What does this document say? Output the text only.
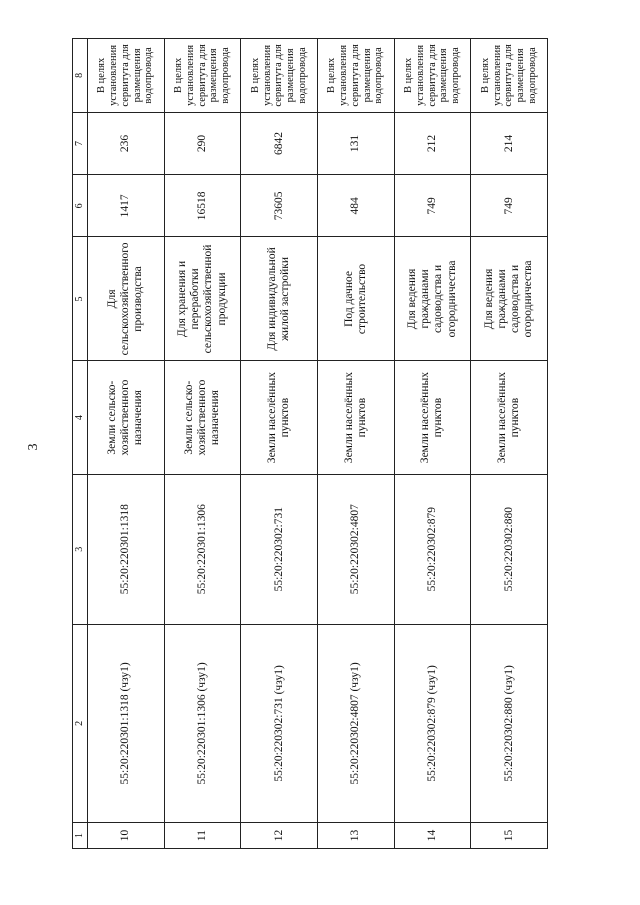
3
1	2	3	4	5	6	7	8
10	55:20:220301:1318 (чзу1)	55:20:220301:1318	Земли сельско-хозяйственного назначения	Для сельскохозяйственного производства	1417	236	В целях установления сервитута для размещения водопровода
11	55:20:220301:1306 (чзу1)	55:20:220301:1306	Земли сельско-хозяйственного назначения	Для хранения и переработки сельскохозяйственной продукции	16518	290	В целях установления сервитута для размещения водопровода
12	55:20:220302:731 (чзу1)	55:20:220302:731	Земли населённых пунктов	Для индивидуальной жилой застройки	73605	6842	В целях установления сервитута для размещения водопровода
13	55:20:220302:4807 (чзу1)	55:20:220302:4807	Земли населённых пунктов	Под дачное строительство	484	131	В целях установления сервитута для размещения водопровода
14	55:20:220302:879 (чзу1)	55:20:220302:879	Земли населённых пунктов	Для ведения гражданами садоводства и огородничества	749	212	В целях установления сервитута для размещения водопровода
15	55:20:220302:880 (чзу1)	55:20:220302:880	Земли населённых пунктов	Для ведения гражданами садоводства и огородничества	749	214	В целях установления сервитута для размещения водопровода
